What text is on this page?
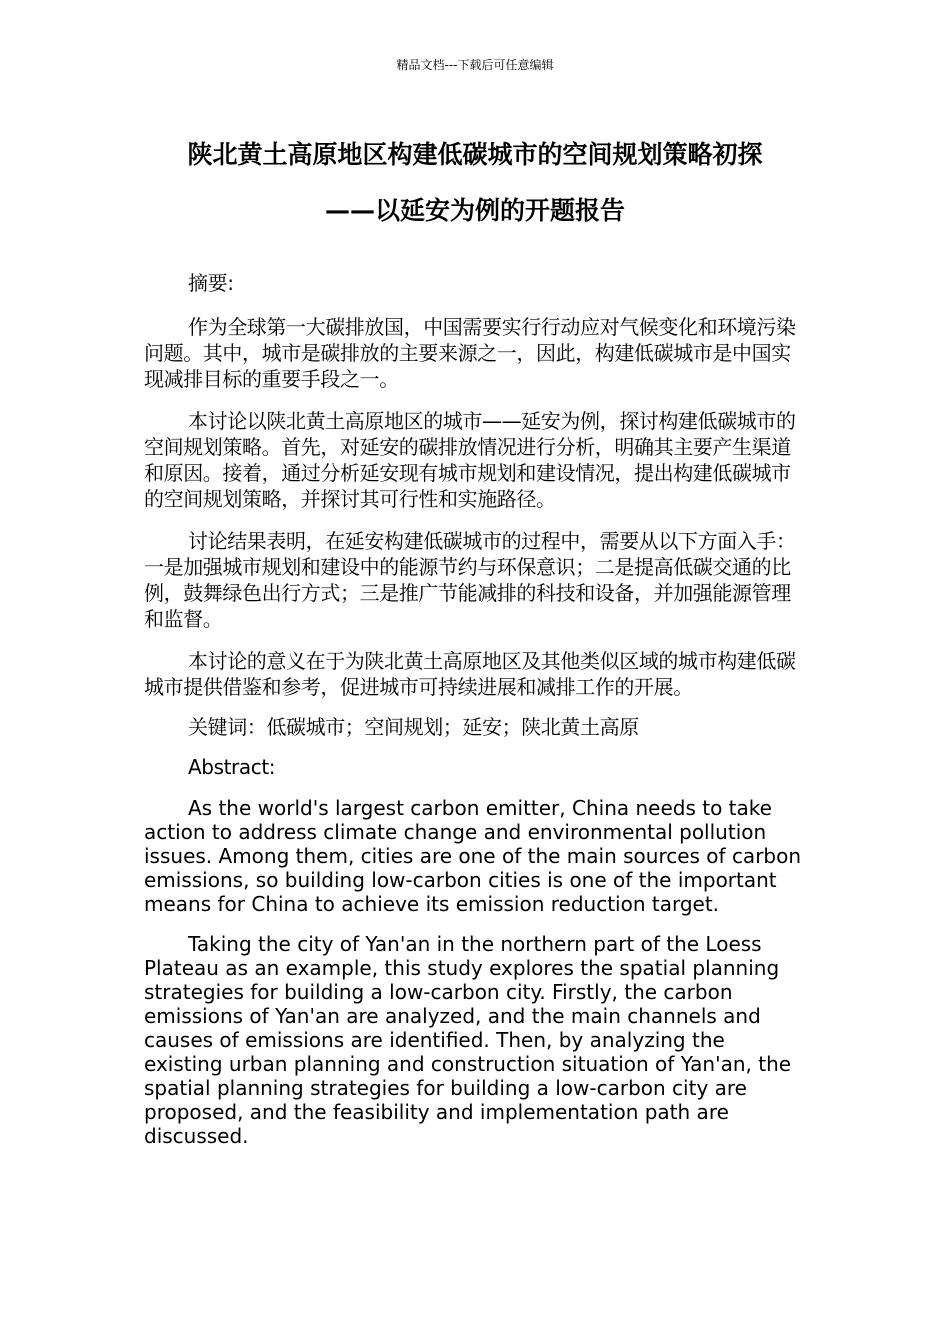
精品文档---下载后可任意编辑
陕北黄土高原地区构建低碳城市的空间规划策略初探
——以延安为例的开题报告

摘要:

作为全球第一大碳排放国，中国需要实行行动应对气候变化和环境污染问题。其中，城市是碳排放的主要来源之一，因此，构建低碳城市是中国实现减排目标的重要手段之一。

本讨论以陕北黄土高原地区的城市——延安为例，探讨构建低碳城市的空间规划策略。首先，对延安的碳排放情况进行分析，明确其主要产生渠道和原因。接着，通过分析延安现有城市规划和建设情况，提出构建低碳城市的空间规划策略，并探讨其可行性和实施路径。

讨论结果表明，在延安构建低碳城市的过程中，需要从以下方面入手：一是加强城市规划和建设中的能源节约与环保意识；二是提高低碳交通的比例，鼓舞绿色出行方式；三是推广节能减排的科技和设备，并加强能源管理和监督。

本讨论的意义在于为陕北黄土高原地区及其他类似区域的城市构建低碳城市提供借鉴和参考，促进城市可持续进展和减排工作的开展。

关键词：低碳城市；空间规划；延安；陕北黄土高原

Abstract:

As the world's largest carbon emitter, China needs to take action to address climate change and environmental pollution issues. Among them, cities are one of the main sources of carbon emissions, so building low-carbon cities is one of the important means for China to achieve its emission reduction target.

Taking the city of Yan'an in the northern part of the Loess Plateau as an example, this study explores the spatial planning strategies for building a low-carbon city. Firstly, the carbon emissions of Yan'an are analyzed, and the main channels and causes of emissions are identified. Then, by analyzing the existing urban planning and construction situation of Yan'an, the spatial planning strategies for building a low-carbon city are proposed, and the feasibility and implementation path are discussed.
